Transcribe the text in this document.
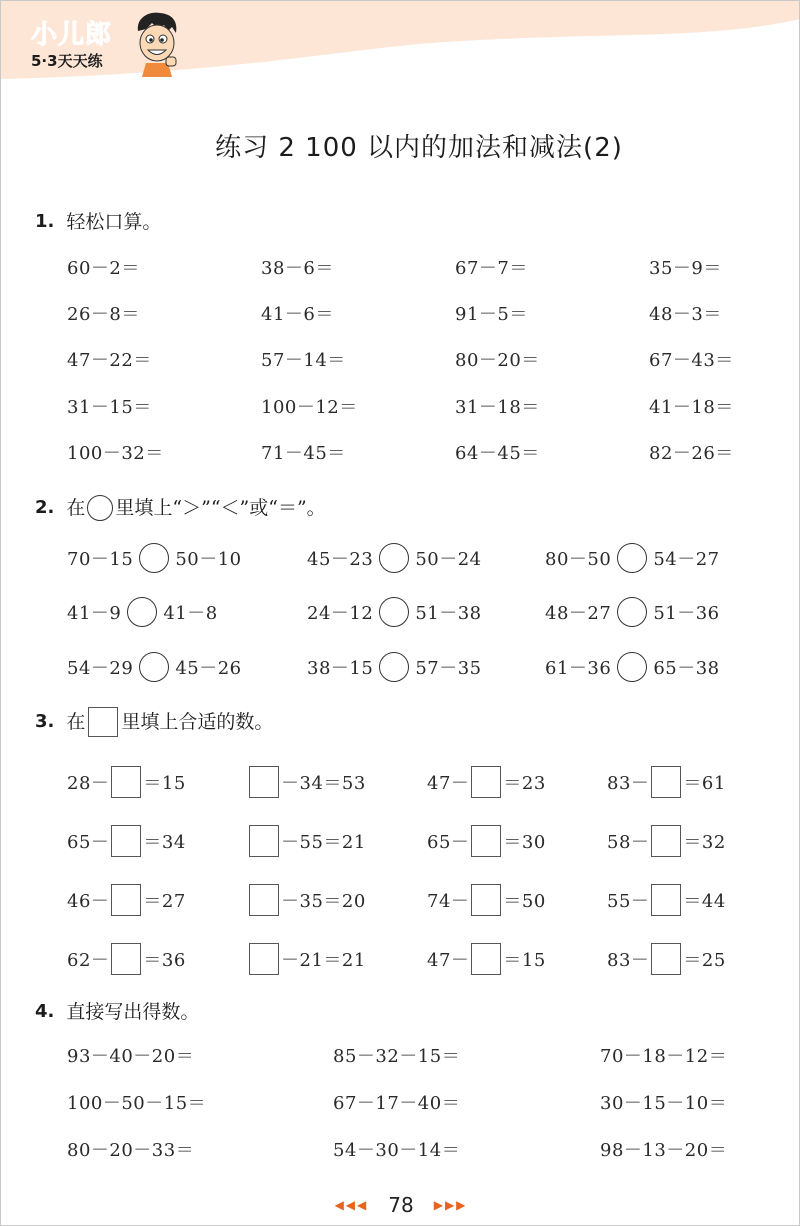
小儿郎
5·3天天练
练习 2 100 以内的加法和减法(2)
1. 轻松口算。
60－2＝	38－6＝	67－7＝	35－9＝
26－8＝	41－6＝	91－5＝	48－3＝
47－22＝	57－14＝	80－20＝	67－43＝
31－15＝	100－12＝	31－18＝	41－18＝
100－32＝	71－45＝	64－45＝	82－26＝
2. 在 里填上“＞”“＜”或“＝”。
70－15 50－10	45－23 50－24	80－50 54－27
41－9 41－8	24－12 51－38	48－27 51－36
54－29 45－26	38－15 57－35	61－36 65－38
3. 在 里填上合适的数。
28－ ＝15	－34＝53	47－ ＝23	83－ ＝61
65－ ＝34	－55＝21	65－ ＝30	58－ ＝32
46－ ＝27	－35＝20	74－ ＝50	55－ ＝44
62－ ＝36	－21＝21	47－ ＝15	83－ ＝25
4. 直接写出得数。
93－40－20＝	85－32－15＝	70－18－12＝
100－50－15＝	67－17－40＝	30－15－10＝
80－20－33＝	54－30－14＝	98－13－20＝
◀◀◀ 78 ▶▶▶
